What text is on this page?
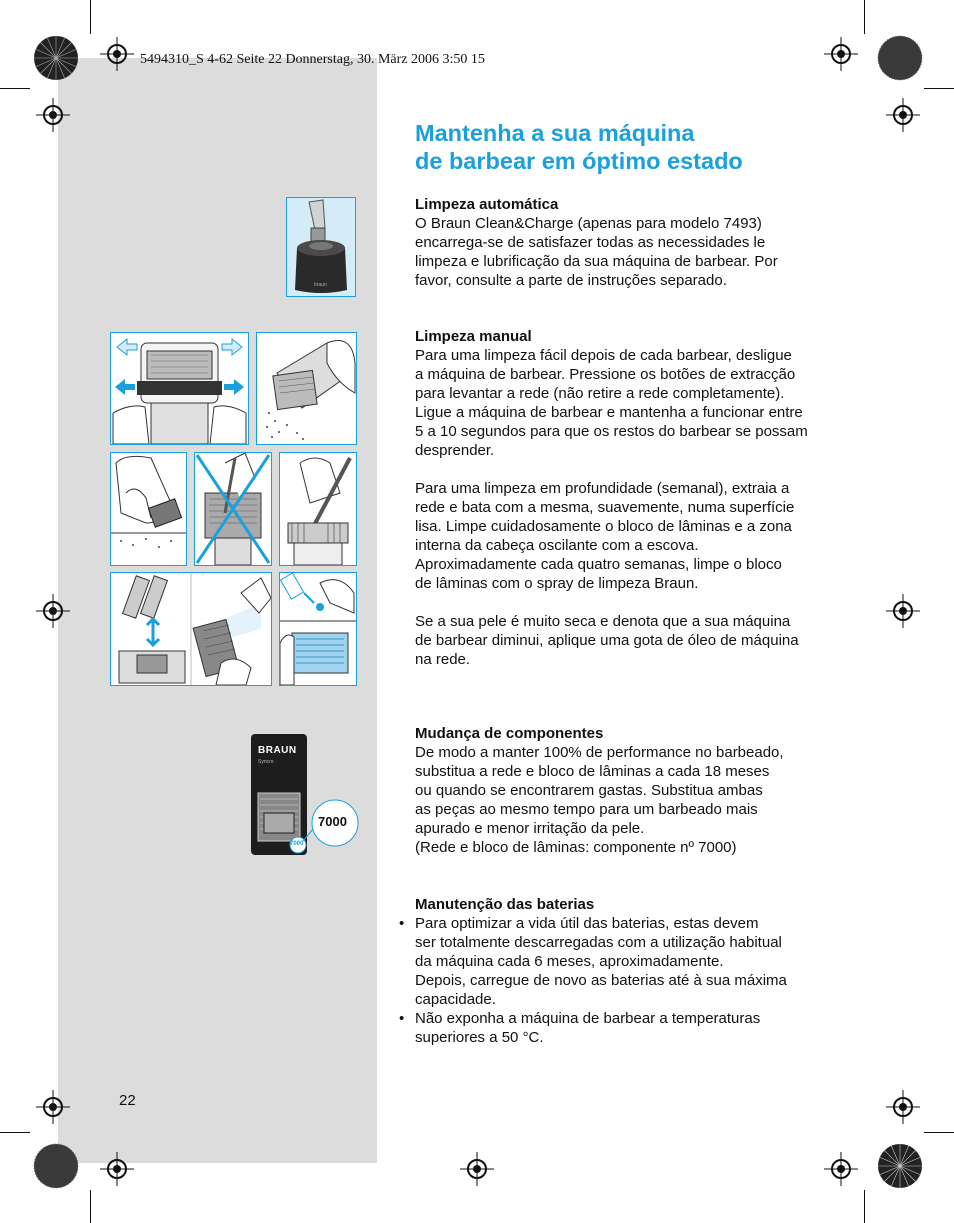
5494310_S 4-62 Seite 22 Donnerstag, 30. März 2006 3:50 15
Mantenha a sua máquina
de barbear em óptimo estado
Limpeza automática

O Braun Clean&Charge (apenas para modelo 7493)

encarrega-se de satisfazer todas as necessidades le

limpeza e lubrificação da sua máquina de barbear. Por

favor, consulte a parte de instruções separado.

Limpeza manual

Para uma limpeza fácil depois de cada barbear, desligue

a máquina de barbear. Pressione os botões de extracção

para levantar a rede (não retire a rede completamente).

Ligue a máquina de barbear e mantenha a funcionar entre

5 a 10 segundos para que os restos do barbear se possam

desprender.

Para uma limpeza em profundidade (semanal), extraia a

rede e bata com a mesma, suavemente, numa superfície

lisa. Limpe cuidadosamente o bloco de lâminas e a zona

interna da cabeça oscilante com a escova.

Aproximadamente cada quatro semanas, limpe o bloco

de lâminas com o spray de limpeza Braun.

Se a sua pele é muito seca e denota que a sua máquina

de barbear diminui, aplique uma gota de óleo de máquina

na rede.

Mudança de componentes

De modo a manter 100% de performance no barbeado,

substitua a rede e bloco de lâminas a cada 18 meses

ou quando se encontrarem gastas. Substitua ambas

as peças ao mesmo tempo para um barbeado mais

apurado e menor irritação da pele.

(Rede e bloco de lâminas: componente nº 7000)

Manutenção das baterias
• Para optimizar a vida útil das baterias, estas devem

ser totalmente descarregadas com a utilização habitual

da máquina cada 6 meses, aproximadamente.

Depois, carregue de novo as baterias até à sua máxima

capacidade.

• Não exponha a máquina de barbear a temperaturas

superiores a 50 °C.

22
braun
BRAUN
Syncro
7000
7000
